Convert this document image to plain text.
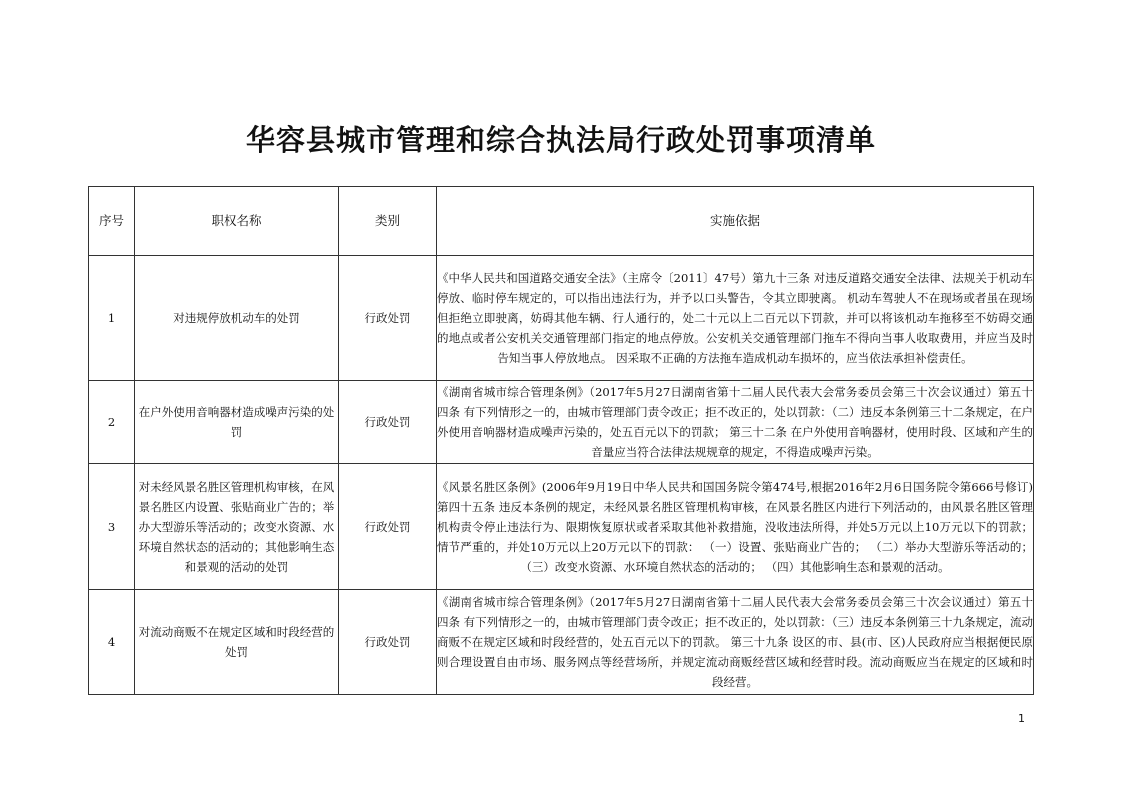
华容县城市管理和综合执法局行政处罚事项清单
序号	职权名称	类别	实施依据
1	对违规停放机动车的处罚	行政处罚	《中华人民共和国道路交通安全法》（主席令〔2011〕47号）第九十三条 对违反道路交通安全法律、法规关于机动车停放、临时停车规定的，可以指出违法行为，并予以口头警告，令其立即驶离。 机动车驾驶人不在现场或者虽在现场但拒绝立即驶离，妨碍其他车辆、行人通行的，处二十元以上二百元以下罚款，并可以将该机动车拖移至不妨碍交通的地点或者公安机关交通管理部门指定的地点停放。公安机关交通管理部门拖车不得向当事人收取费用，并应当及时告知当事人停放地点。 因采取不正确的方法拖车造成机动车损坏的，应当依法承担补偿责任。
2	在户外使用音响器材造成噪声污染的处罚	行政处罚	《湖南省城市综合管理条例》（2017年5月27日湖南省第十二届人民代表大会常务委员会第三十次会议通过）第五十四条 有下列情形之一的，由城市管理部门责令改正；拒不改正的，处以罚款：（二）违反本条例第三十二条规定，在户外使用音响器材造成噪声污染的，处五百元以下的罚款； 第三十二条 在户外使用音响器材，使用时段、区域和产生的音量应当符合法律法规规章的规定，不得造成噪声污染。
3	对未经风景名胜区管理机构审核，在风景名胜区内设置、张贴商业广告的；举办大型游乐等活动的；改变水资源、水环境自然状态的活动的；其他影响生态和景观的活动的处罚	行政处罚	《风景名胜区条例》(2006年9月19日中华人民共和国国务院令第474号,根据2016年2月6日国务院令第666号修订)第四十五条 违反本条例的规定，未经风景名胜区管理机构审核，在风景名胜区内进行下列活动的，由风景名胜区管理机构责令停止违法行为、限期恢复原状或者采取其他补救措施，没收违法所得，并处5万元以上10万元以下的罚款；情节严重的，并处10万元以上20万元以下的罚款： （一）设置、张贴商业广告的； （二）举办大型游乐等活动的； （三）改变水资源、水环境自然状态的活动的； （四）其他影响生态和景观的活动。
4	对流动商贩不在规定区域和时段经营的处罚	行政处罚	《湖南省城市综合管理条例》（2017年5月27日湖南省第十二届人民代表大会常务委员会第三十次会议通过）第五十四条 有下列情形之一的，由城市管理部门责令改正；拒不改正的，处以罚款：（三）违反本条例第三十九条规定，流动商贩不在规定区域和时段经营的，处五百元以下的罚款。 第三十九条 设区的市、县(市、区)人民政府应当根据便民原则合理设置自由市场、服务网点等经营场所，并规定流动商贩经营区域和经营时段。流动商贩应当在规定的区域和时段经营。
1
